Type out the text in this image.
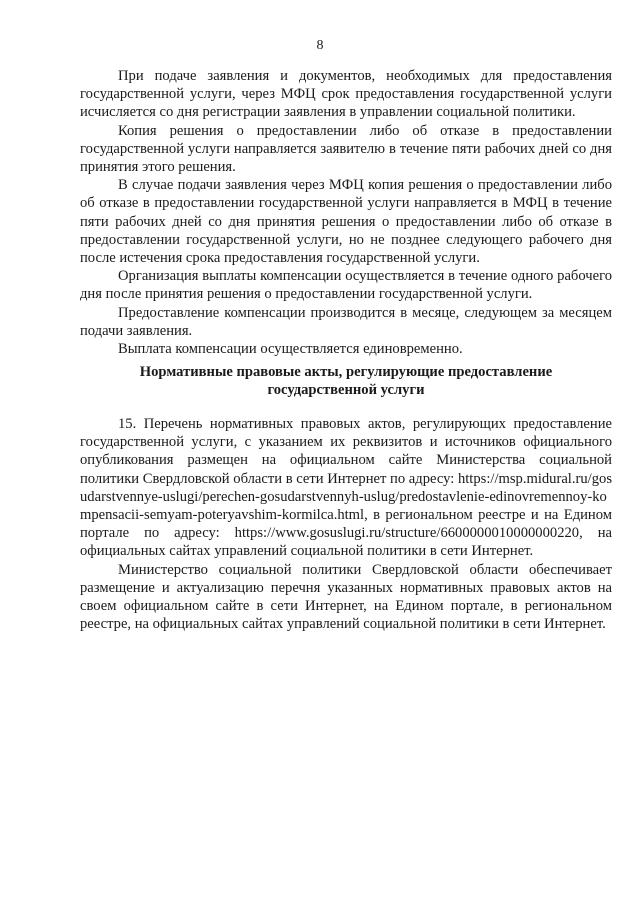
8

При подаче заявления и документов, необходимых для предоставления государственной услуги, через МФЦ срок предоставления государственной услуги исчисляется со дня регистрации заявления в управлении социальной политики.

Копия решения о предоставлении либо об отказе в предоставлении государственной услуги направляется заявителю в течение пяти рабочих дней со дня принятия этого решения.

В случае подачи заявления через МФЦ копия решения о предоставлении либо об отказе в предоставлении государственной услуги направляется в МФЦ в течение пяти рабочих дней со дня принятия решения о предоставлении либо об отказе в предоставлении государственной услуги, но не позднее следующего рабочего дня после истечения срока предоставления государственной услуги.

Организация выплаты компенсации осуществляется в течение одного рабочего дня после принятия решения о предоставлении государственной услуги.

Предоставление компенсации производится в месяце, следующем за месяцем подачи заявления.

Выплата компенсации осуществляется единовременно.

Нормативные правовые акты, регулирующие предоставление
государственной услуги

15. Перечень нормативных правовых актов, регулирующих предоставление государственной услуги, с указанием их реквизитов и источников официального опубликования размещен на официальном сайте Министерства социальной политики Свердловской области в сети Интернет по адресу: https://msp.midural.ru/gosudarstvennye-uslugi/perechen-gosudarstvennyh-uslug/predostavlenie-edinovremennoy-kompensacii-semyam-poteryavshim-kormilca.html, в региональном реестре и на Едином портале по адресу: https://www.gosuslugi.ru/structure/6600000010000000220, на официальных сайтах управлений социальной политики в сети Интернет.

Министерство социальной политики Свердловской области обеспечивает размещение и актуализацию перечня указанных нормативных правовых актов на своем официальном сайте в сети Интернет, на Едином портале, в региональном реестре, на официальных сайтах управлений социальной политики в сети Интернет.
